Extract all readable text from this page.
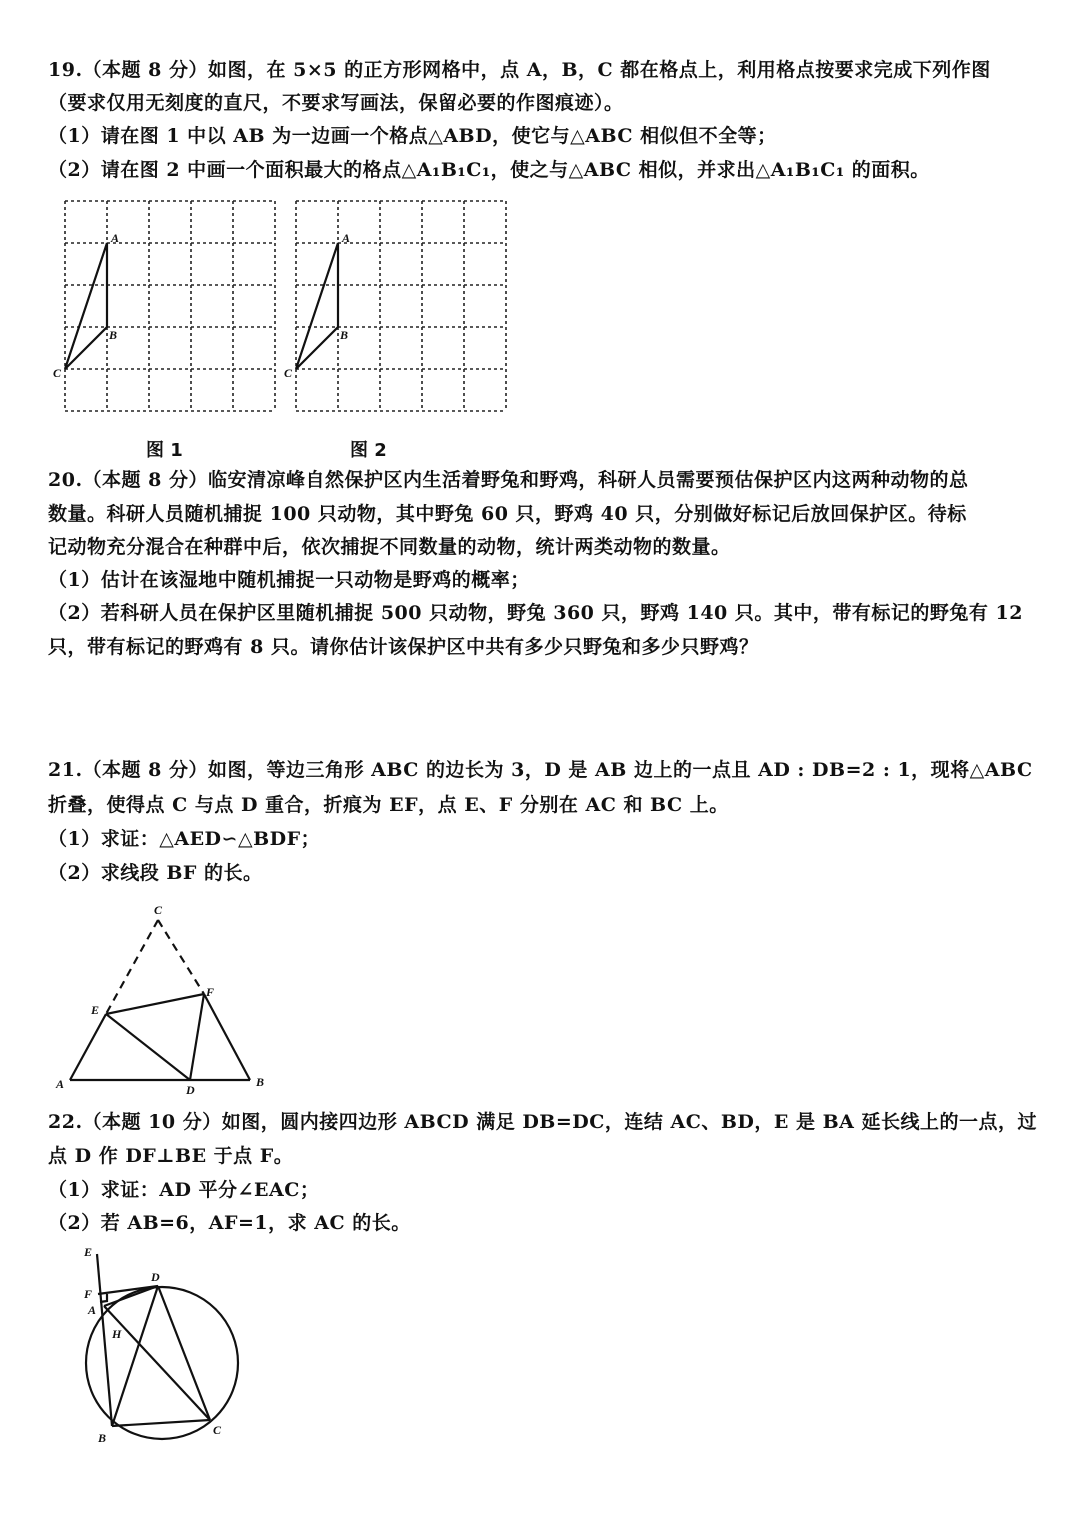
19.（本题 8 分）如图，在 5×5 的正方形网格中，点 A，B，C 都在格点上，利用格点按要求完成下列作图
（要求仅用无刻度的直尺，不要求写画法，保留必要的作图痕迹）。
（1）请在图 1 中以 AB 为一边画一个格点△ABD，使它与△ABC 相似但不全等；
（2）请在图 2 中画一个面积最大的格点△A₁B₁C₁，使之与△ABC 相似，并求出△A₁B₁C₁ 的面积。
A
B
C
A
B
C
图 1	图 2
20.（本题 8 分）临安清凉峰自然保护区内生活着野兔和野鸡，科研人员需要预估保护区内这两种动物的总
数量。科研人员随机捕捉 100 只动物，其中野兔 60 只，野鸡 40 只，分别做好标记后放回保护区。待标
记动物充分混合在种群中后，依次捕捉不同数量的动物，统计两类动物的数量。
（1）估计在该湿地中随机捕捉一只动物是野鸡的概率；
（2）若科研人员在保护区里随机捕捉 500 只动物，野兔 360 只，野鸡 140 只。其中，带有标记的野兔有 12
只，带有标记的野鸡有 8 只。请你估计该保护区中共有多少只野兔和多少只野鸡？
21.（本题 8 分）如图，等边三角形 ABC 的边长为 3，D 是 AB 边上的一点且 AD : DB=2 : 1，现将△ABC
折叠，使得点 C 与点 D 重合，折痕为 EF，点 E、F 分别在 AC 和 BC 上。
（1）求证：△AED∽△BDF；
（2）求线段 BF 的长。
C
E
F
A	D
B
22.（本题 10 分）如图，圆内接四边形 ABCD 满足 DB=DC，连结 AC、BD，E 是 BA 延长线上的一点，过
点 D 作 DF⊥BE 于点 F。
（1）求证：AD 平分∠EAC；
（2）若 AB=6，AF=1，求 AC 的长。
E
D
F
A
H
B
C
